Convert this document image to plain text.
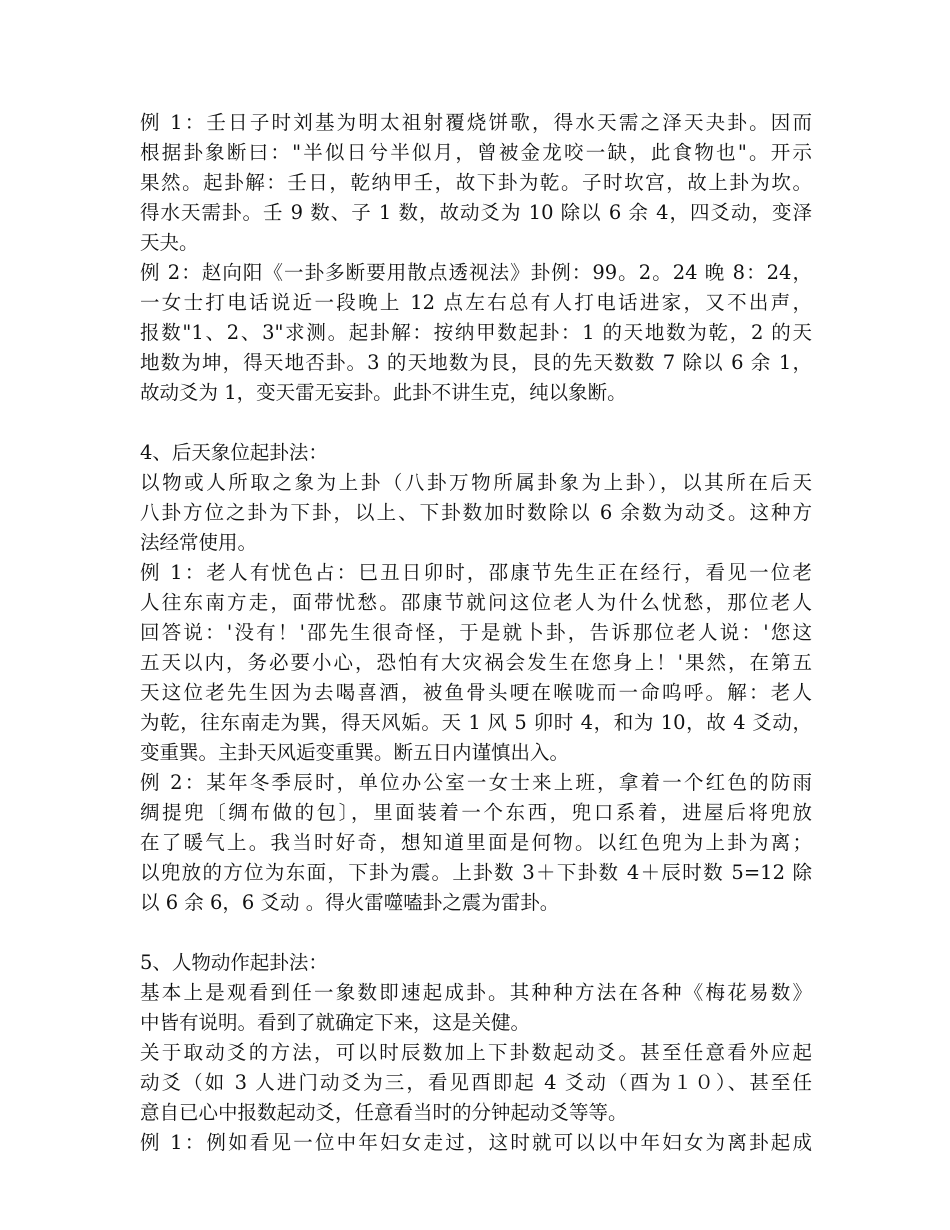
例 1：壬日子时刘基为明太祖射覆烧饼歌，得水天需之泽天夬卦。因而
根据卦象断曰："半似日兮半似月，曾被金龙咬一缺，此食物也"。开示
果然。起卦解：壬日，乾纳甲壬，故下卦为乾。子时坎宫，故上卦为坎。
得水天需卦。壬 9 数、子 1 数，故动爻为 10 除以 6 余 4，四爻动，变泽
天夬。
例 2：赵向阳《一卦多断要用散点透视法》卦例：99。2。24 晚 8：24，
一女士打电话说近一段晚上 12 点左右总有人打电话进家，又不出声，
报数"1、2、3"求测。起卦解：按纳甲数起卦：1 的天地数为乾，2 的天
地数为坤，得天地否卦。3 的天地数为艮，艮的先天数数 7 除以 6 余 1，
故动爻为 1，变天雷无妄卦。此卦不讲生克，纯以象断。
4、后天象位起卦法：
以物或人所取之象为上卦（八卦万物所属卦象为上卦），以其所在后天
八卦方位之卦为下卦，以上、下卦数加时数除以 6 余数为动爻。这种方
法经常使用。
例 1：老人有忧色占：巳丑日卯时，邵康节先生正在经行，看见一位老
人往东南方走，面带忧愁。邵康节就问这位老人为什么忧愁，那位老人
回答说：'没有！'邵先生很奇怪，于是就卜卦，告诉那位老人说：'您这
五天以内，务必要小心，恐怕有大灾祸会发生在您身上！'果然，在第五
天这位老先生因为去喝喜酒，被鱼骨头哽在喉咙而一命呜呼。解：老人
为乾，往东南走为巽，得天风姤。天 1 风 5 卯时 4，和为 10，故 4 爻动，
变重巽。主卦天风逅变重巽。断五日内谨慎出入。
例 2：某年冬季辰时，单位办公室一女士来上班，拿着一个红色的防雨
绸提兜〔绸布做的包〕，里面装着一个东西，兜口系着，进屋后将兜放
在了暖气上。我当时好奇，想知道里面是何物。以红色兜为上卦为离；
以兜放的方位为东面，下卦为震。上卦数 3＋下卦数 4＋辰时数 5=12 除
以 6 余 6，6 爻动 。得火雷噬嗑卦之震为雷卦。
5、人物动作起卦法：
基本上是观看到任一象数即速起成卦。其种种方法在各种《梅花易数》
中皆有说明。看到了就确定下来，这是关健。
关于取动爻的方法，可以时辰数加上下卦数起动爻。甚至任意看外应起
动爻（如 3 人进门动爻为三，看见酉即起 4 爻动（酉为１０）、甚至任
意自已心中报数起动爻，任意看当时的分钟起动爻等等。
例 1：例如看见一位中年妇女走过，这时就可以以中年妇女为离卦起成
